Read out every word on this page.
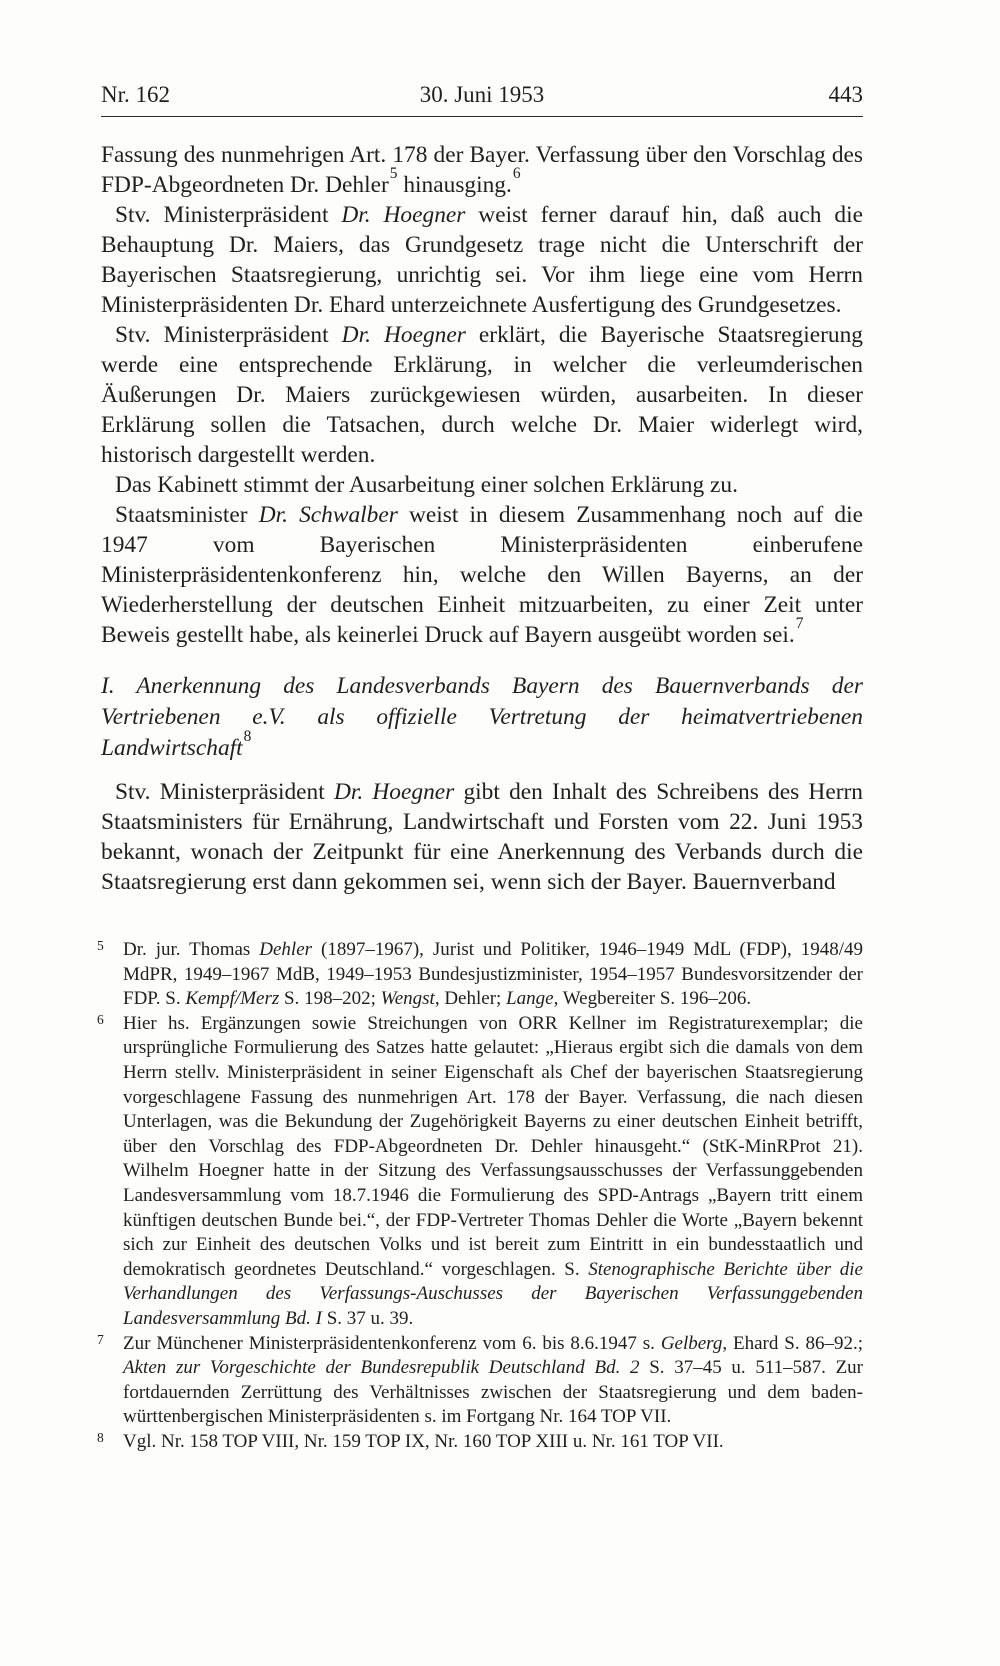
Nr. 162	30. Juni 1953	443

Fassung des nunmehrigen Art. 178 der Bayer. Verfassung über den Vorschlag des FDP-Abgeordneten Dr. Dehler$^5$ hinausging.$^6$

Stv. Ministerpräsident Dr. Hoegner weist ferner darauf hin, daß auch die Behauptung Dr. Maiers, das Grundgesetz trage nicht die Unterschrift der Bayerischen Staatsregierung, unrichtig sei. Vor ihm liege eine vom Herrn Ministerpräsidenten Dr. Ehard unterzeichnete Ausfertigung des Grundgesetzes.

Stv. Ministerpräsident Dr. Hoegner erklärt, die Bayerische Staatsregierung werde eine entsprechende Erklärung, in welcher die verleumderischen Äußerungen Dr. Maiers zurückgewiesen würden, ausarbeiten. In dieser Erklärung sollen die Tatsachen, durch welche Dr. Maier widerlegt wird, historisch dargestellt werden.

Das Kabinett stimmt der Ausarbeitung einer solchen Erklärung zu.

Staatsminister Dr. Schwalber weist in diesem Zusammenhang noch auf die 1947 vom Bayerischen Ministerpräsidenten einberufene Ministerpräsidentenkonferenz hin, welche den Willen Bayerns, an der Wiederherstellung der deutschen Einheit mitzuarbeiten, zu einer Zeit unter Beweis gestellt habe, als keinerlei Druck auf Bayern ausgeübt worden sei.$^7$

I. Anerkennung des Landesverbands Bayern des Bauernverbands der Vertriebenen e.V. als offizielle Vertretung der heimatvertriebenen Landwirtschaft$^8$

Stv. Ministerpräsident Dr. Hoegner gibt den Inhalt des Schreibens des Herrn Staatsministers für Ernährung, Landwirtschaft und Forsten vom 22. Juni 1953 bekannt, wonach der Zeitpunkt für eine Anerkennung des Verbands durch die Staatsregierung erst dann gekommen sei, wenn sich der Bayer. Bauernverband

5 Dr. jur. Thomas Dehler (1897–1967), Jurist und Politiker, 1946–1949 MdL (FDP), 1948/49 MdPR, 1949–1967 MdB, 1949–1953 Bundesjustizminister, 1954–1957 Bundesvorsitzender der FDP. S. Kempf/Merz S. 198–202; Wengst, Dehler; Lange, Wegbereiter S. 196–206.
6 Hier hs. Ergänzungen sowie Streichungen von ORR Kellner im Registraturexemplar; die ursprüngliche Formulierung des Satzes hatte gelautet: „Hieraus ergibt sich die damals von dem Herrn stellv. Ministerpräsident in seiner Eigenschaft als Chef der bayerischen Staatsregierung vorgeschlagene Fassung des nunmehrigen Art. 178 der Bayer. Verfassung, die nach diesen Unterlagen, was die Bekundung der Zugehörigkeit Bayerns zu einer deutschen Einheit betrifft, über den Vorschlag des FDP-Abgeordneten Dr. Dehler hinausgeht.“ (StK-MinRProt 21). Wilhelm Hoegner hatte in der Sitzung des Verfassungsausschusses der Verfassunggebenden Landesversammlung vom 18.7.1946 die Formulierung des SPD-Antrags „Bayern tritt einem künftigen deutschen Bunde bei.“, der FDP-Vertreter Thomas Dehler die Worte „Bayern bekennt sich zur Einheit des deutschen Volks und ist bereit zum Eintritt in ein bundesstaatlich und demokratisch geordnetes Deutschland.“ vorgeschlagen. S. Stenographische Berichte über die Verhandlungen des Verfassungs-Auschusses der Bayerischen Verfassunggebenden Landesversammlung Bd. I S. 37 u. 39.
7 Zur Münchener Ministerpräsidentenkonferenz vom 6. bis 8.6.1947 s. Gelberg, Ehard S. 86–92.; Akten zur Vorgeschichte der Bundesrepublik Deutschland Bd. 2 S. 37–45 u. 511–587. Zur fortdauernden Zerrüttung des Verhältnisses zwischen der Staatsregierung und dem baden-württenbergischen Ministerpräsidenten s. im Fortgang Nr. 164 TOP VII.
8 Vgl. Nr. 158 TOP VIII, Nr. 159 TOP IX, Nr. 160 TOP XIII u. Nr. 161 TOP VII.
